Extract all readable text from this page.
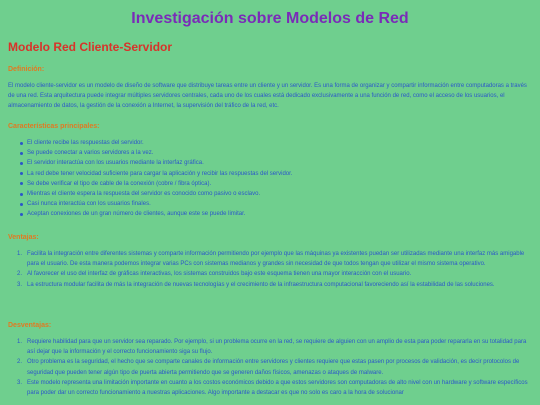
Investigación sobre Modelos de Red
Modelo Red Cliente-Servidor
Definición:

El modelo cliente-servidor es un modelo de diseño de software que distribuye tareas entre un cliente y un servidor. Es una forma de organizar y compartir información entre computadoras a través de una red. Esta arquitectura puede integrar múltiples servidores centrales, cada uno de los cuales está dedicado exclusivamente a una función de red, como el acceso de los usuarios, el almacenamiento de datos, la gestión de la conexión a Internet, la supervisión del tráfico de la red, etc.

Características principales:
El cliente recibe las respuestas del servidor.
Se puede conectar a varios servidores a la vez.
El servidor interactúa con los usuarios mediante la interfaz gráfica.
La red debe tener velocidad suficiente para cargar la aplicación y recibir las respuestas del servidor.
Se debe verificar el tipo de cable de la conexión (cobre / fibra óptica).
Mientras el cliente espera la respuesta del servidor es conocido como pasivo o esclavo.
Casi nunca interactúa con los usuarios finales.
Aceptan conexiones de un gran número de clientes, aunque este se puede limitar.
Ventajas:
1. Facilita la integración entre diferentes sistemas y comparte información permitiendo por ejemplo que las máquinas ya existentes puedan ser utilizadas mediante una interfaz más amigable para el usuario. De esta manera podemos integrar varias PCs con sistemas medianos y grandes sin necesidad de que todos tengan que utilizar el mismo sistema operativo.
2. Al favorecer el uso del interfaz de gráficas interactivas, los sistemas construidos bajo este esquema tienen una mayor interacción con el usuario.
3. La estructura modular facilita de más la integración de nuevas tecnologías y el crecimiento de la infraestructura computacional favoreciendo así la estabilidad de las soluciones.
Desventajas:
1. Requiere habilidad para que un servidor sea reparado. Por ejemplo, si un problema ocurre en la red, se requiere de alguien con un amplio de esta para poder repararla en su totalidad para así dejar que la información y el correcto funcionamiento siga su flujo.
2. Otro problema es la seguridad, el hecho que se comparte canales de información entre servidores y clientes requiere que estas pasen por procesos de validación, es decir protocolos de seguridad que pueden tener algún tipo de puerta abierta permitiendo que se generen daños físicos, amenazas o ataques de malware.
3. Este modelo representa una limitación importante en cuanto a los costos económicos debido a que estos servidores son computadoras de alto nivel con un hardware y software específicos para poder dar un correcto funcionamiento a nuestras aplicaciones. Algo importante a destacar es que no solo es caro a la hora de solucionar
